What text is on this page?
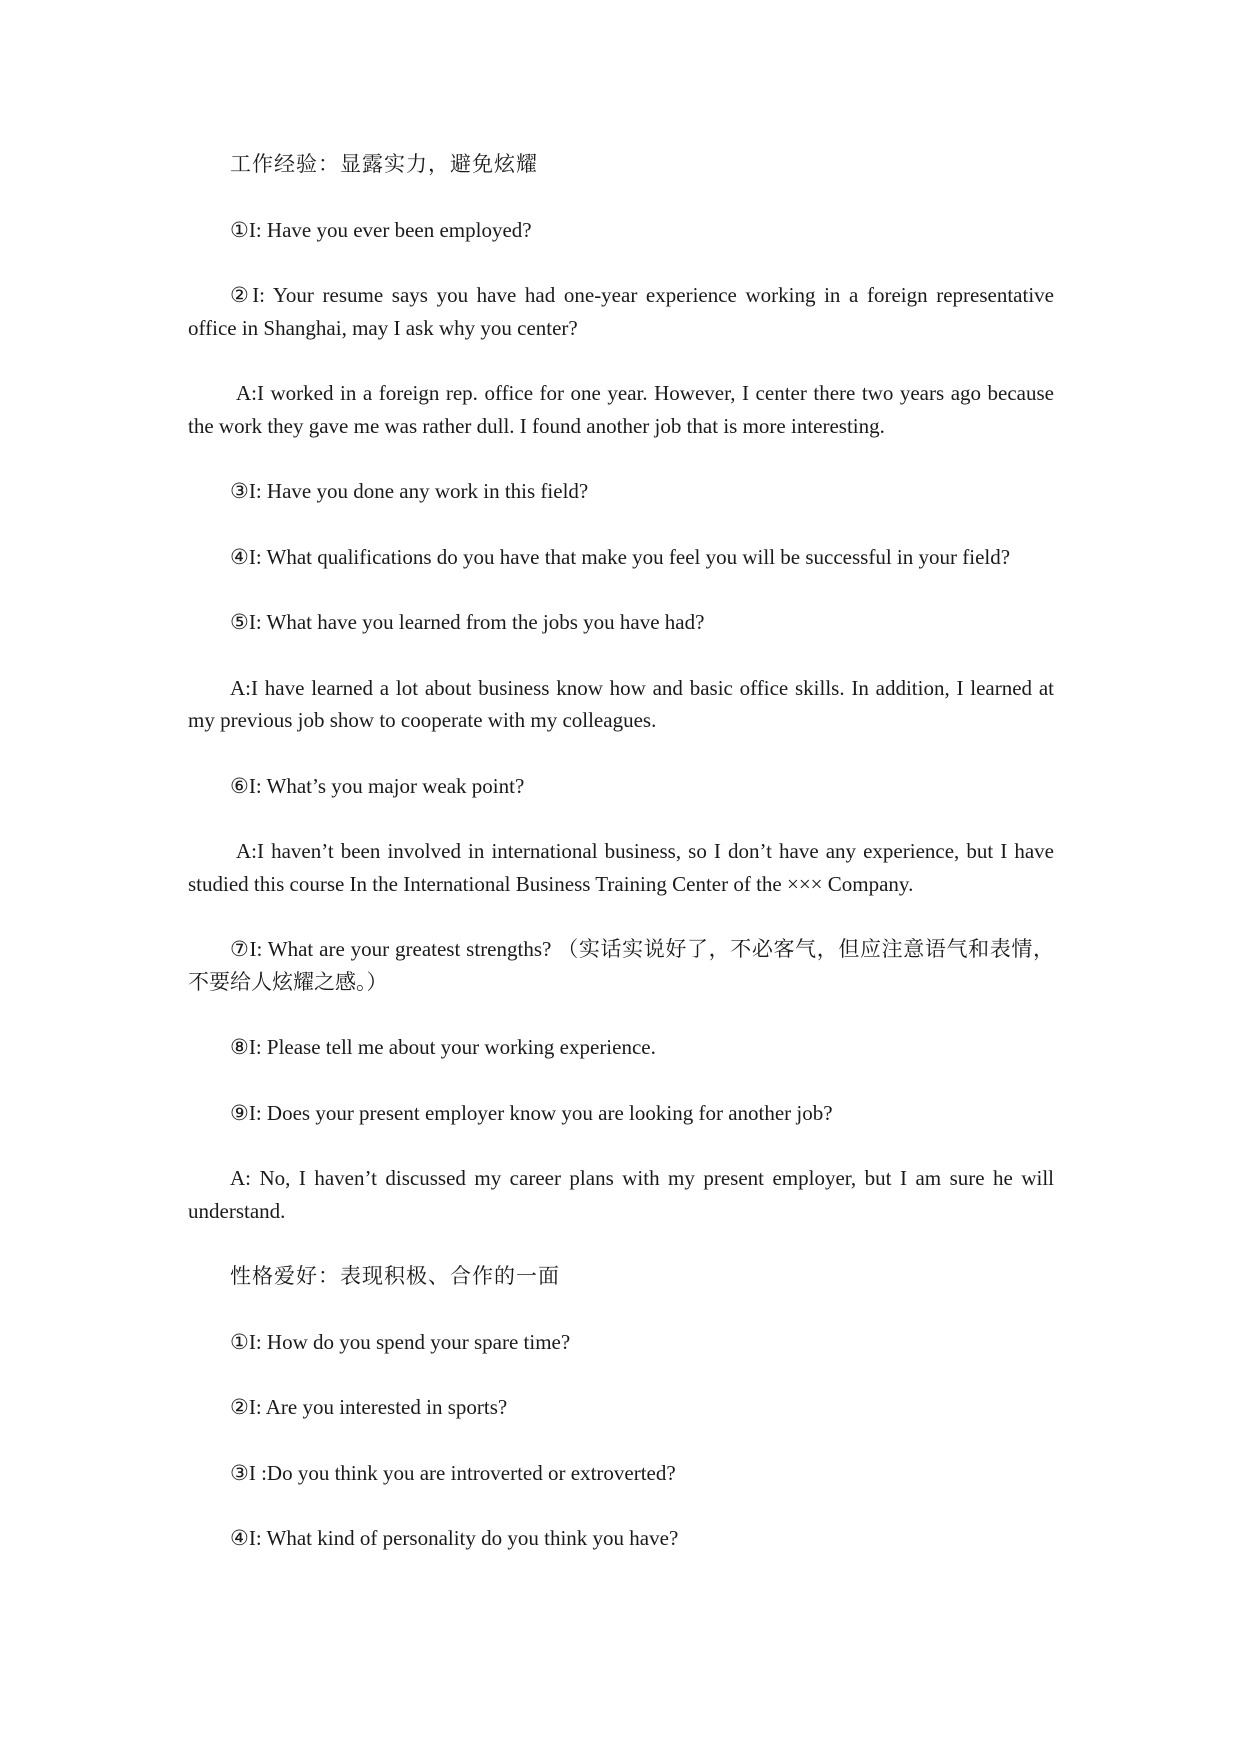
工作经验：显露实力，避免炫耀

①I: Have you ever been employed?

②I: Your resume says you have had one-year experience working in a foreign representative office in Shanghai, may I ask why you center?

A:I worked in a foreign rep. office for one year. However, I center there two years ago because the work they gave me was rather dull. I found another job that is more interesting.

③I: Have you done any work in this field?

④I: What qualifications do you have that make you feel you will be successful in your field?

⑤I: What have you learned from the jobs you have had?

A:I have learned a lot about business know how and basic office skills. In addition, I learned at my previous job show to cooperate with my colleagues.

⑥I: What’s you major weak point?

A:I haven’t been involved in international business, so I don’t have any experience, but I have studied this course In the International Business Training Center of the ××× Company.

⑦I: What are your greatest strengths? （实话实说好了，不必客气，但应注意语气和表情，不要给人炫耀之感。）

⑧I: Please tell me about your working experience.

⑨I: Does your present employer know you are looking for another job?

A: No, I haven’t discussed my career plans with my present employer, but I am sure he will understand.

性格爱好：表现积极、合作的一面

①I: How do you spend your spare time?

②I: Are you interested in sports?

③I :Do you think you are introverted or extroverted?

④I: What kind of personality do you think you have?
